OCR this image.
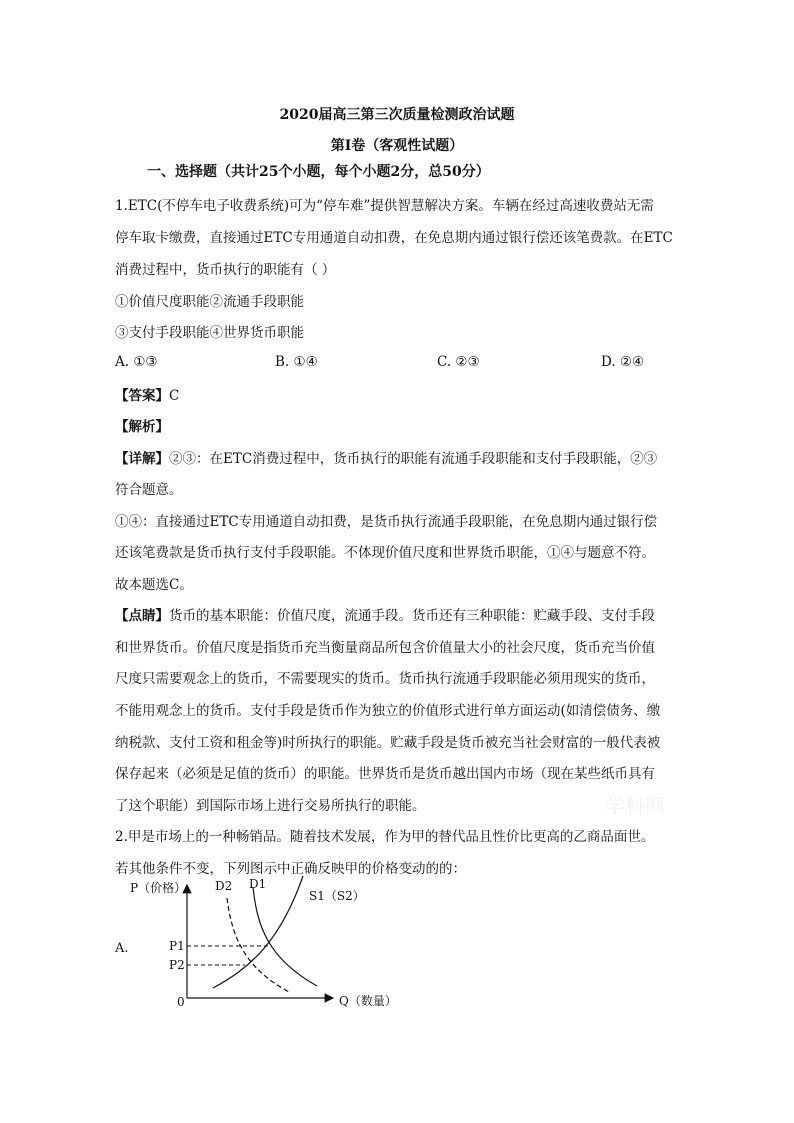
2020届高三第三次质量检测政治试题
第Ⅰ卷（客观性试题）
一、选择题（共计25个小题，每个小题2分，总50分）
1.ETC(不停车电子收费系统)可为“停车难”提供智慧解决方案。车辆在经过高速收费站无需
停车取卡缴费，直接通过ETC专用通道自动扣费，在免息期内通过银行偿还该笔费款。在ETC
消费过程中，货币执行的职能有（ ）
①价值尺度职能②流通手段职能
③支付手段职能④世界货币职能
A. ①③	B. ①④	C. ②③	D. ②④
【答案】C
【解析】
【详解】②③：在ETC消费过程中，货币执行的职能有流通手段职能和支付手段职能，②③
符合题意。
①④：直接通过ETC专用通道自动扣费，是货币执行流通手段职能，在免息期内通过银行偿
还该笔费款是货币执行支付手段职能。不体现价值尺度和世界货币职能，①④与题意不符。
故本题选C。
【点睛】货币的基本职能：价值尺度，流通手段。货币还有三种职能：贮藏手段、支付手段
和世界货币。价值尺度是指货币充当衡量商品所包含价值量大小的社会尺度，货币充当价值
尺度只需要观念上的货币，不需要现实的货币。货币执行流通手段职能必须用现实的货币，
不能用观念上的货币。支付手段是货币作为独立的价值形式进行单方面运动(如清偿债务、缴
纳税款、支付工资和租金等)时所执行的职能。贮藏手段是货币被充当社会财富的一般代表被
保存起来（必须是足值的货币）的职能。世界货币是货币越出国内市场（现在某些纸币具有
了这个职能）到国际市场上进行交易所执行的职能。	学科网
2.甲是市场上的一种畅销品。随着技术发展，作为甲的替代品且性价比更高的乙商品面世。
若其他条件不变，下列图示中正确反映甲的价格变动的的：
A.
P（价格）
Q（数量）
0
P1
P2
D2 D1
S1（S2）
